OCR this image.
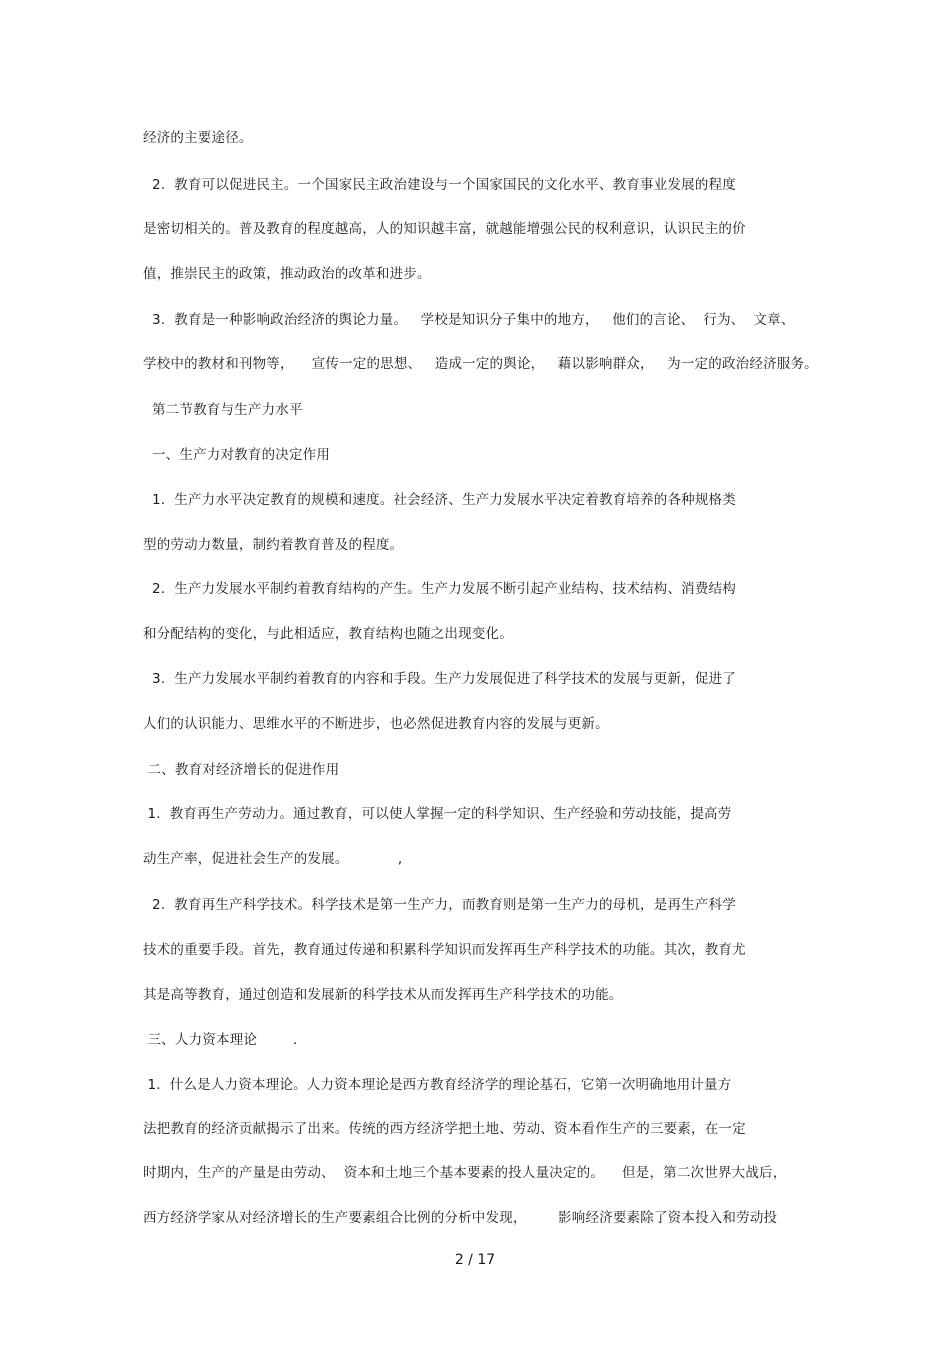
经济的主要途径。
2.  教育可以促进民主。一个国家民主政治建设与一个国家国民的文化水平、教育事业发展的程度
是密切相关的。普及教育的程度越高，人的知识越丰富，就越能增强公民的权利意识，认识民主的价
值，推崇民主的政策，推动政治的改革和进步。
3.  教育是一种影响政治经济的舆论力量。   学校是知识分子集中的地方，   他们的言论、  行为、  文章、
学校中的教材和刊物等，    宣传一定的思想、   造成一定的舆论，   藉以影响群众，   为一定的政治经济服务。
第二节教育与生产力水平
一、生产力对教育的决定作用
1.  生产力水平决定教育的规模和速度。社会经济、生产力发展水平决定着教育培养的各种规格类
型的劳动力数量，制约着教育普及的程度。
2.  生产力发展水平制约着教育结构的产生。生产力发展不断引起产业结构、技术结构、消费结构
和分配结构的变化，与此相适应，教育结构也随之出现变化。
3.  生产力发展水平制约着教育的内容和手段。生产力发展促进了科学技术的发展与更新，促进了
人们的认识能力、思维水平的不断进步，也必然促进教育内容的发展与更新。
二、教育对经济增长的促进作用
1.  教育再生产劳动力。通过教育，可以使人掌握一定的科学知识、生产经验和劳动技能，提高劳
动生产率，促进社会生产的发展。           ,
2.  教育再生产科学技术。科学技术是第一生产力，而教育则是第一生产力的母机，是再生产科学
技术的重要手段。首先，教育通过传递和积累科学知识而发挥再生产科学技术的功能。其次，教育尤
其是高等教育，通过创造和发展新的科学技术从而发挥再生产科学技术的功能。
三、人力资本理论        .
1.  什么是人力资本理论。人力资本理论是西方教育经济学的理论基石，它第一次明确地用计量方
法把教育的经济贡献揭示了出来。传统的西方经济学把土地、劳动、资本看作生产的三要素，在一定
时期内，生产的产量是由劳动、  资本和土地三个基本要素的投人量决定的。    但是，第二次世界大战后，
西方经济学家从对经济增长的生产要素组合比例的分析中发现，       影响经济要素除了资本投入和劳动投
2 / 17
